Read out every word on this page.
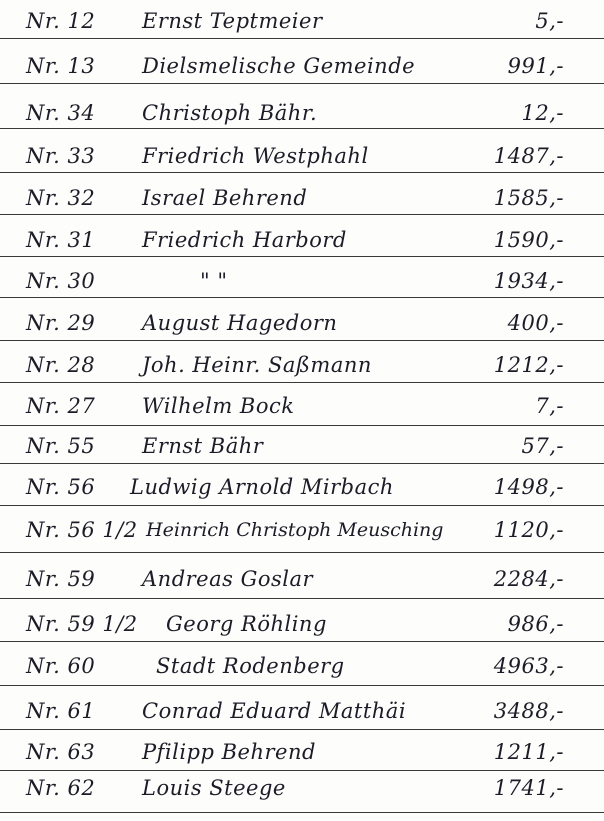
Nr. 12 Ernst Teptmeier	5,-
Nr. 13 Dielsmelische Gemeinde	991,-
Nr. 34 Christoph Bähr.	12,-
Nr. 33 Friedrich Westphahl	1487,-
Nr. 32 Israel Behrend	1585,-
Nr. 31 Friedrich Harbord	1590,-
Nr. 30	" "	1934,-
Nr. 29 August Hagedorn	400,-
Nr. 28 Joh. Heinr. Saßmann	1212,-
Nr. 27 Wilhelm Bock	7,-
Nr. 55 Ernst Bähr	57,-
Nr. 56 Ludwig Arnold Mirbach	1498,-
Nr. 56 1/2 Heinrich Christoph Meusching 1120,-
Nr. 59 Andreas Goslar	2284,-
Nr. 59 1/2 Georg Röhling	986,-
Nr. 60	Stadt Rodenberg	4963,-
Nr. 61 Conrad Eduard Matthäi	3488,-
Nr. 63 Pfilipp Behrend	1211,-
Nr. 62 Louis Steege	1741,-
